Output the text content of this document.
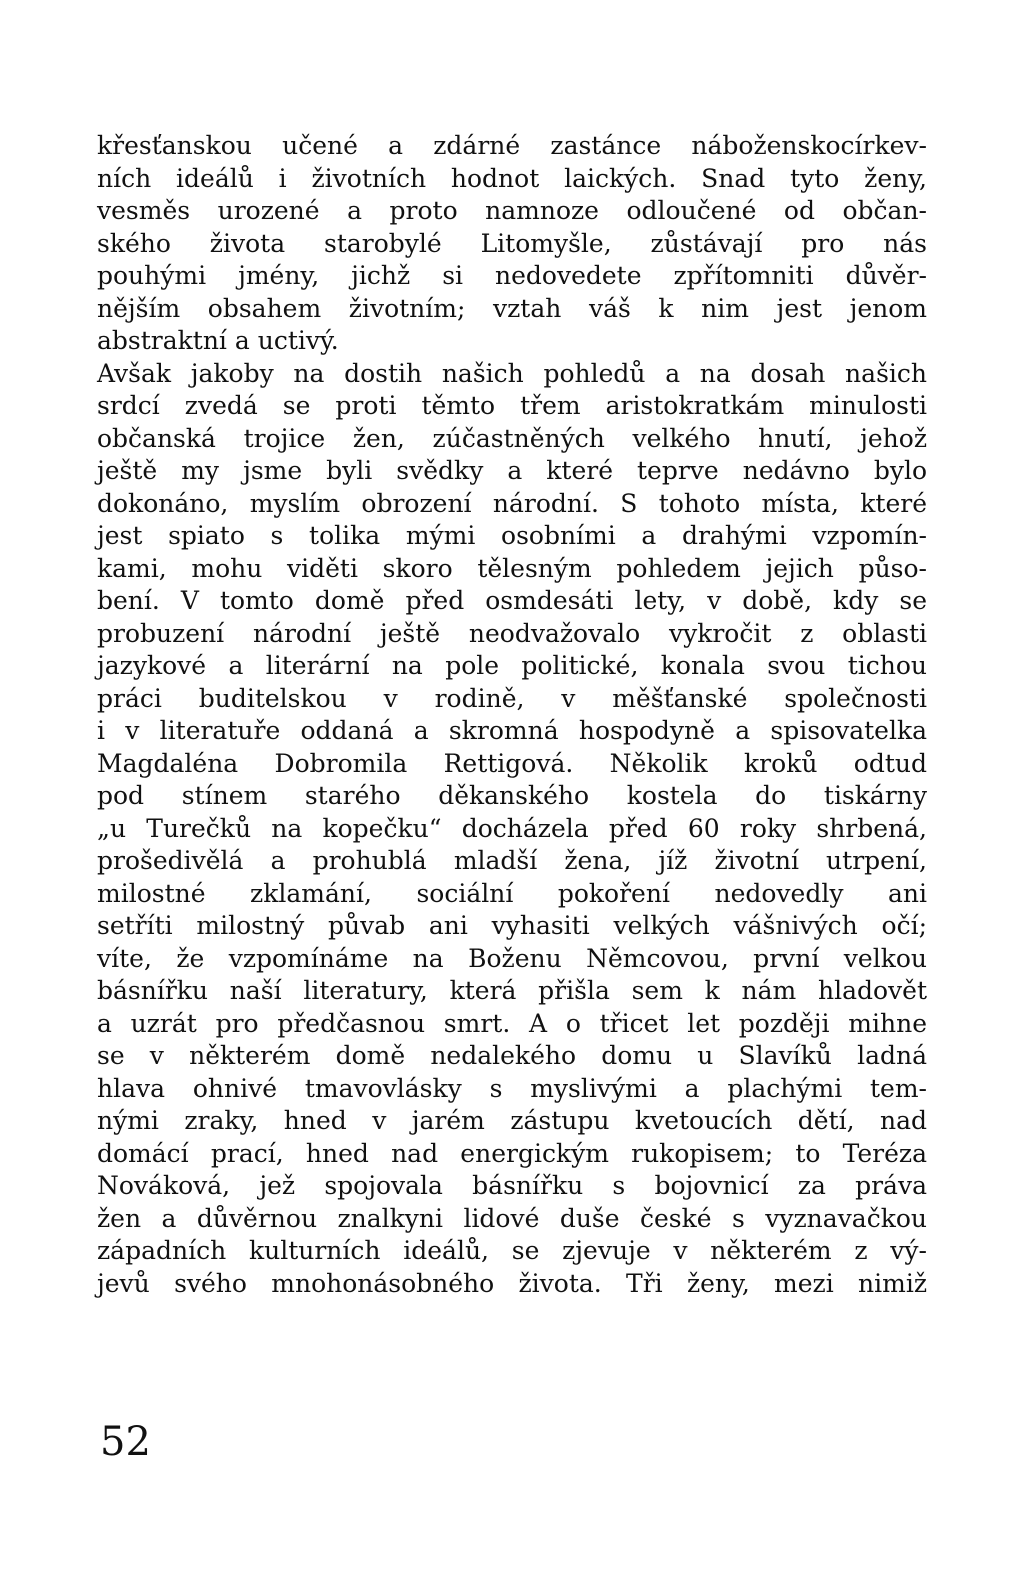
křesťanskou učené a zdárné zastánce náboženskocírkev-
ních ideálů i životních hodnot laických. Snad tyto ženy,
vesměs urozené a proto namnoze odloučené od občan-
ského života starobylé Litomyšle, zůstávají pro nás
pouhými jmény, jichž si nedovedete zpřítomniti důvěr-
nějším obsahem životním; vztah váš k nim jest jenom
abstraktní a uctivý.
Avšak jakoby na dostih našich pohledů a na dosah našich
srdcí zvedá se proti těmto třem aristokratkám minulosti
občanská trojice žen, zúčastněných velkého hnutí, jehož
ještě my jsme byli svědky a které teprve nedávno bylo
dokonáno, myslím obrození národní. S tohoto místa, které
jest spiato s tolika mými osobními a drahými vzpomín-
kami, mohu viděti skoro tělesným pohledem jejich půso-
bení. V tomto domě před osmdesáti lety, v době, kdy se
probuzení národní ještě neodvažovalo vykročit z oblasti
jazykové a literární na pole politické, konala svou tichou
práci buditelskou v rodině, v měšťanské společnosti
i v literatuře oddaná a skromná hospodyně a spisovatelka
Magdaléna Dobromila Rettigová. Několik kroků odtud
pod stínem starého děkanského kostela do tiskárny
„u Turečků na kopečku“ docházela před 60 roky shrbená,
prošedivělá a prohublá mladší žena, jíž životní utrpení,
milostné zklamání, sociální pokoření nedovedly ani
setříti milostný půvab ani vyhasiti velkých vášnivých očí;
víte, že vzpomínáme na Boženu Němcovou, první velkou
básnířku naší literatury, která přišla sem k nám hladovět
a uzrát pro předčasnou smrt. A o třicet let později mihne
se v některém domě nedalekého domu u Slavíků ladná
hlava ohnivé tmavovlásky s myslivými a plachými tem-
nými zraky, hned v jarém zástupu kvetoucích dětí, nad
domácí prací, hned nad energickým rukopisem; to Teréza
Nováková, jež spojovala básnířku s bojovnicí za práva
žen a důvěrnou znalkyni lidové duše české s vyznavačkou
západních kulturních ideálů, se zjevuje v některém z vý-
jevů svého mnohonásobného života. Tři ženy, mezi nimiž
52
